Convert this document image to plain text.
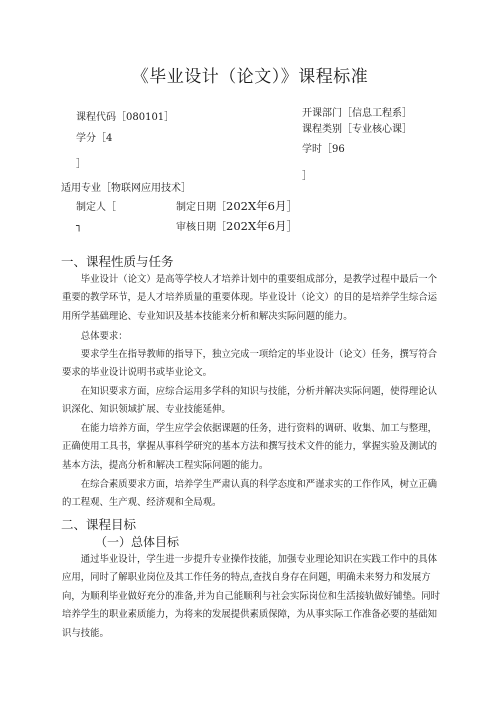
《毕业设计（论文）》课程标准
课程代码［080101］
学分［4
］
适用专业［物联网应用技术］
制定人［
┐
制定日期［202X年6月］
审核日期［202X年6月］
开课部门［信息工程系］
课程类别［专业核心课］
学时［96
］
一、课程性质与任务
毕业设计（论文）是高等学校人才培养计划中的重要组成部分，是教学过程中最后一个重要的教学环节，是人才培养质量的重要体现。毕业设计（论文）的目的是培养学生综合运用所学基础理论、专业知识及基本技能来分析和解决实际问题的能力。
总体要求：
要求学生在指导教师的指导下，独立完成一项给定的毕业设计（论文）任务，撰写符合要求的毕业设计说明书或毕业论文。
在知识要求方面，应综合运用多学科的知识与技能，分析并解决实际问题，使得理论认识深化、知识领域扩展、专业技能延伸。
在能力培养方面，学生应学会依据课题的任务，进行资料的调研、收集、加工与整理，正确使用工具书，掌握从事科学研究的基本方法和撰写技术文件的能力，掌握实验及测试的基本方法，提高分析和解决工程实际问题的能力。
在综合素质要求方面，培养学生严肃认真的科学态度和严谨求实的工作作风，树立正确的工程观、生产观、经济观和全局观。
二、课程目标
（一）总体目标
通过毕业设计，学生进一步提升专业操作技能，加强专业理论知识在实践工作中的具体应用，同时了解职业岗位及其工作任务的特点,查找自身存在问题，明确未来努力和发展方向，为顺利毕业做好充分的准备,并为自己能顺利与社会实际岗位和生活接轨做好铺垫。同时培养学生的职业素质能力，为将来的发展提供素质保障，为从事实际工作准备必要的基础知识与技能。
